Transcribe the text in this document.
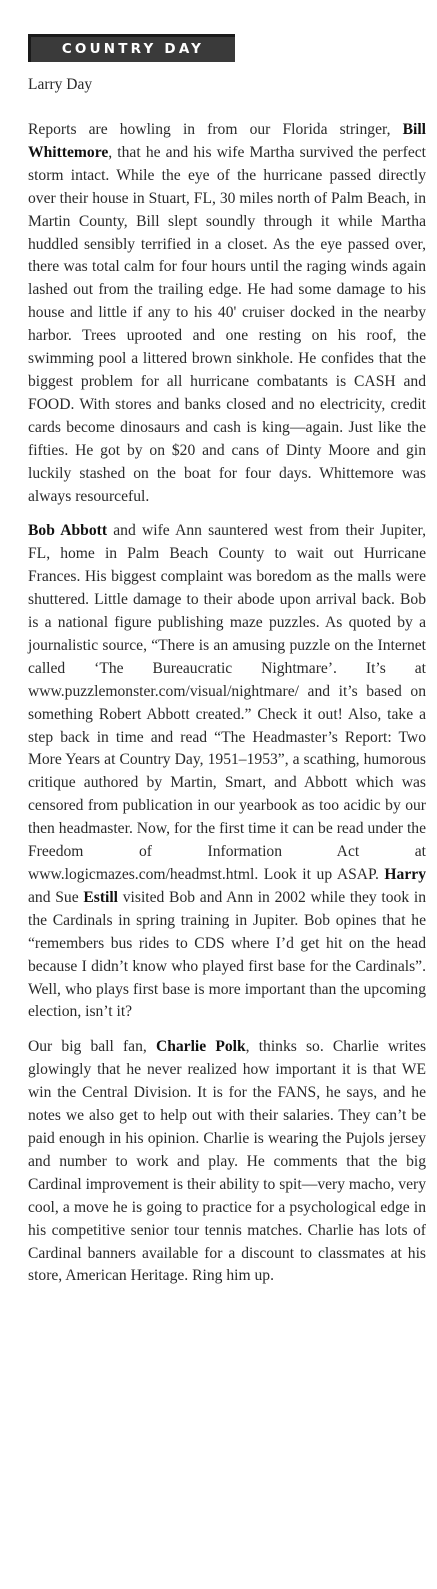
COUNTRY DAY
Larry Day

Reports are howling in from our Florida stringer, Bill Whittemore, that he and his wife Martha survived the perfect storm intact. While the eye of the hurricane passed directly over their house in Stuart, FL, 30 miles north of Palm Beach, in Martin County, Bill slept soundly through it while Martha huddled sensibly terrified in a closet. As the eye passed over, there was total calm for four hours until the raging winds again lashed out from the trailing edge. He had some damage to his house and little if any to his 40' cruiser docked in the nearby harbor. Trees uprooted and one resting on his roof, the swimming pool a littered brown sinkhole. He confides that the biggest problem for all hurricane combatants is CASH and FOOD. With stores and banks closed and no electricity, credit cards become dinosaurs and cash is king—again. Just like the fifties. He got by on $20 and cans of Dinty Moore and gin luckily stashed on the boat for four days. Whittemore was always resourceful.

Bob Abbott and wife Ann sauntered west from their Jupiter, FL, home in Palm Beach County to wait out Hurricane Frances. His biggest complaint was boredom as the malls were shuttered. Little damage to their abode upon arrival back. Bob is a national figure publishing maze puzzles. As quoted by a journalistic source, “There is an amusing puzzle on the Internet called ‘The Bureaucratic Nightmare’. It’s at www.puzzlemonster.com/visual/nightmare/ and it’s based on something Robert Abbott created.” Check it out! Also, take a step back in time and read “The Headmaster’s Report: Two More Years at Country Day, 1951–1953”, a scathing, humorous critique authored by Martin, Smart, and Abbott which was censored from publication in our yearbook as too acidic by our then headmaster. Now, for the first time it can be read under the Freedom of Information Act at www.logicmazes.com/headmst.html. Look it up ASAP. Harry and Sue Estill visited Bob and Ann in 2002 while they took in the Cardinals in spring training in Jupiter. Bob opines that he “remembers bus rides to CDS where I’d get hit on the head because I didn’t know who played first base for the Cardinals”. Well, who plays first base is more important than the upcoming election, isn’t it?

Our big ball fan, Charlie Polk, thinks so. Charlie writes glowingly that he never realized how important it is that WE win the Central Division. It is for the FANS, he says, and he notes we also get to help out with their salaries. They can’t be paid enough in his opinion. Charlie is wearing the Pujols jersey and number to work and play. He comments that the big Cardinal improvement is their ability to spit—very macho, very cool, a move he is going to practice for a psychological edge in his competitive senior tour tennis matches. Charlie has lots of Cardinal banners available for a discount to classmates at his store, American Heritage. Ring him up.
